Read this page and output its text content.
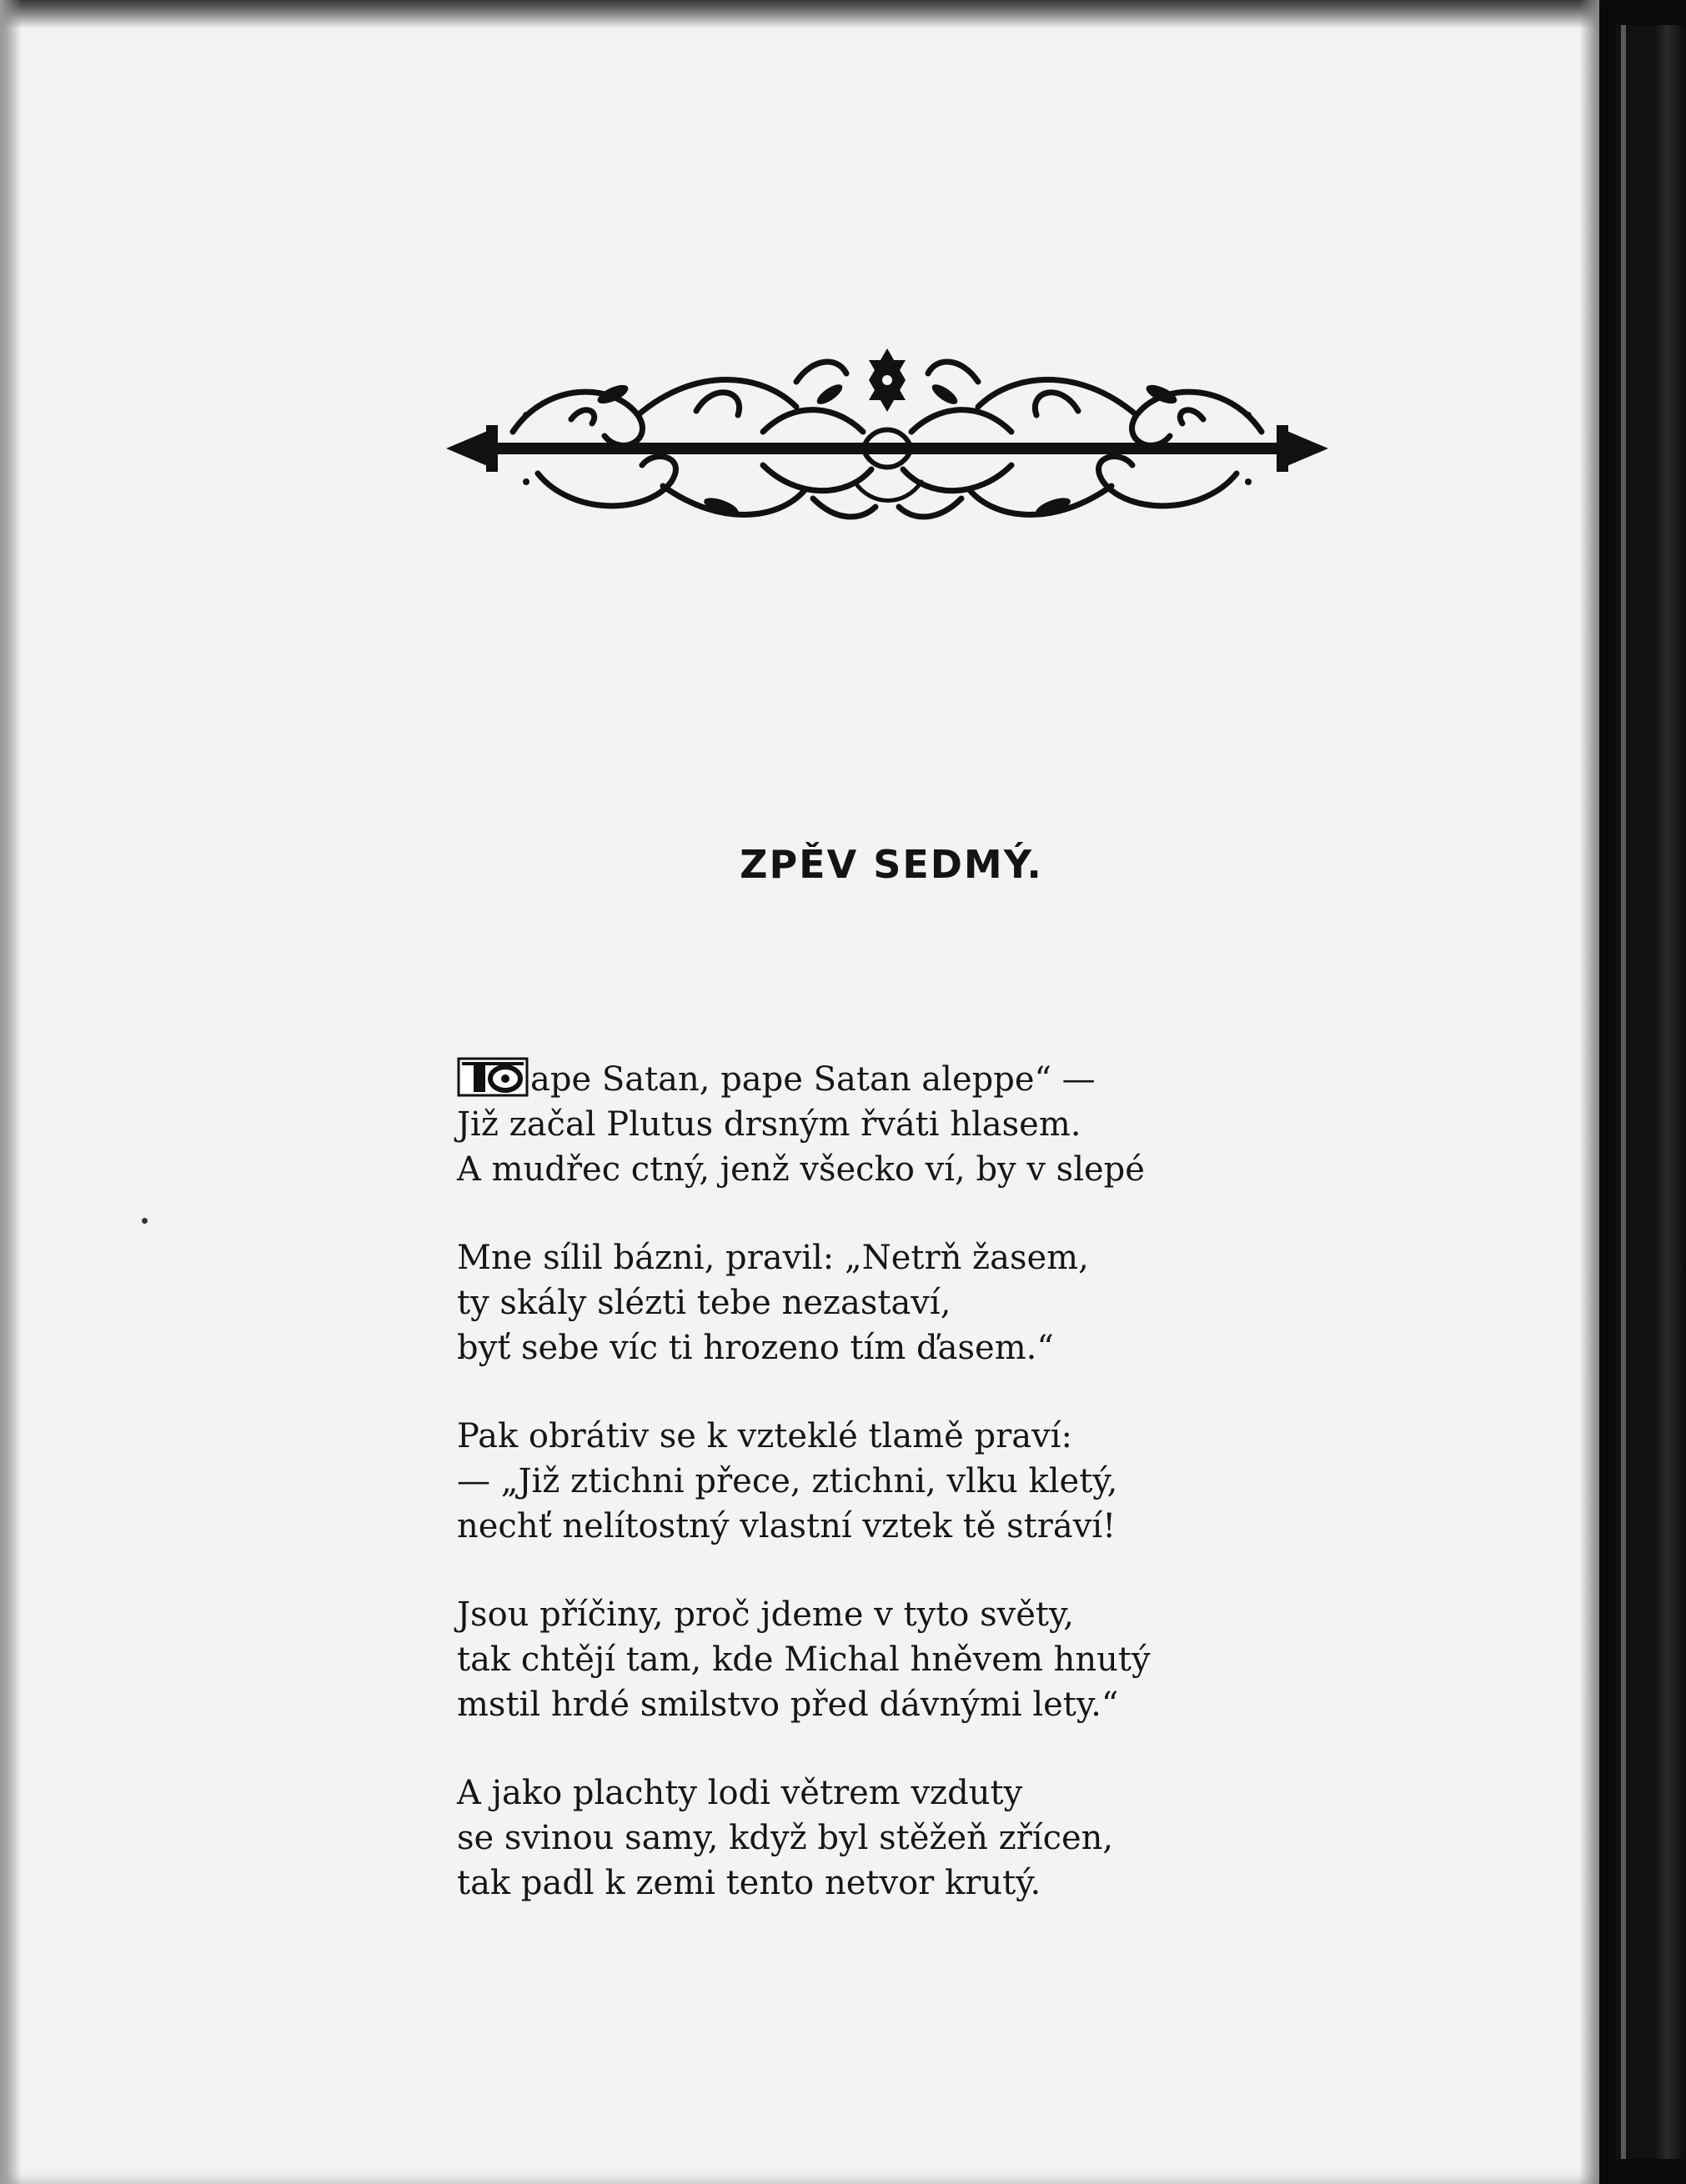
ZPĚV SEDMÝ.
ape Satan, pape Satan aleppe“ —
Již začal Plutus drsným řváti hlasem.
A mudřec ctný, jenž všecko ví, by v slepé
Mne sílil bázni, pravil: „Netrň žasem,
ty skály slézti tebe nezastaví,
byť sebe víc ti hrozeno tím ďasem.“
Pak obrátiv se k vzteklé tlamě praví:
— „Již ztichni přece, ztichni, vlku kletý,
nechť nelítostný vlastní vztek tě stráví!
Jsou příčiny, proč jdeme v tyto světy,
tak chtějí tam, kde Michal hněvem hnutý
mstil hrdé smilstvo před dávnými lety.“
A jako plachty lodi větrem vzduty
se svinou samy, když byl stěžeň zřícen,
tak padl k zemi tento netvor krutý.
